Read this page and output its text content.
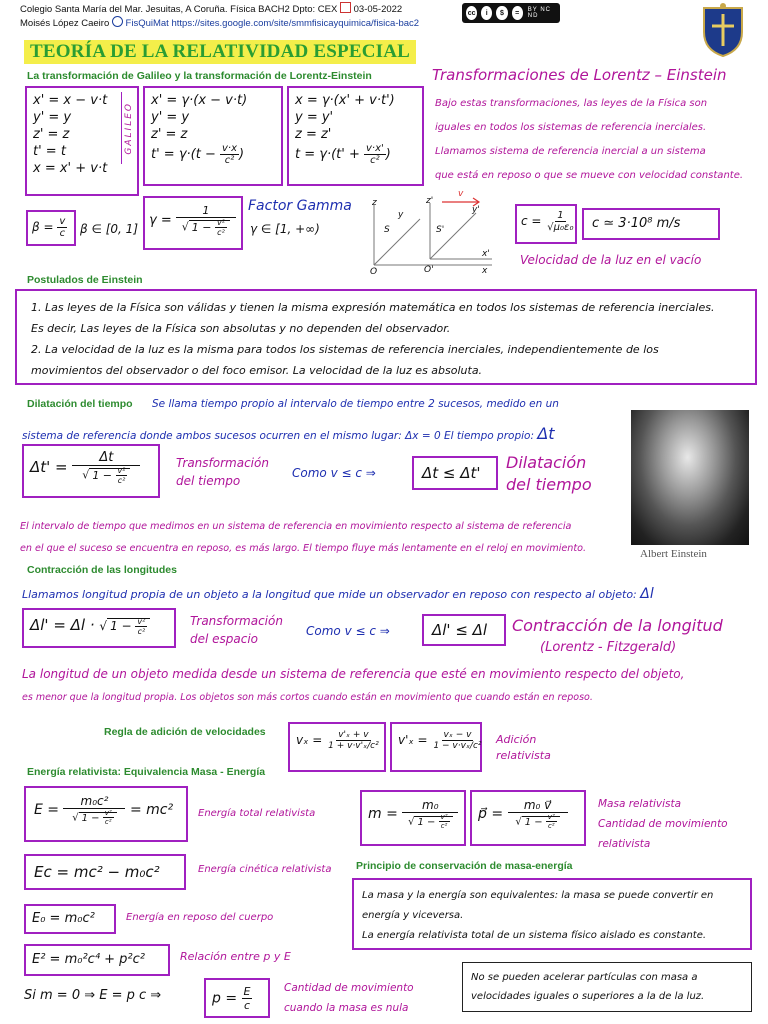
Colegio Santa María del Mar. Jesuitas, A Coruña. Física BACH2 Dpto: CEX 03-05-2022
Moisés López Caeiro FisQuiMat https://sites.google.com/site/smmfisicayquimica/fisica-bac2
cc	i	$	=	BY NC ND
TEORÍA DE LA RELATIVIDAD ESPECIAL
La transformación de Galileo y la transformación de Lorentz-Einstein
x' = x − v·t
y' = y
z' = z
t' = t
x = x' + v·t
GALILEO
x' = γ·(x − v·t)
y' = y
z' = z
$t' = \gamma\cdot(t - \frac{v\cdot x}{\text{c²}}$ )
x = γ·(x' + v·t')
y = y'
z = z'
$t = \gamma\cdot(t' + \frac{v\cdot x'}{\text{c²}}$ )
Transformaciones de Lorentz – Einstein
Bajo estas transformaciones, las leyes de la Física son
iguales en todos los sistemas de referencia inerciales.
Llamamos sistema de referencia inercial a un sistema
que está en reposo o que se mueve con velocidad constante.
$\beta = \frac{v}{c}$ β ∈ [0, 1]
$\gamma = \frac{1}{√ 1 - \frac{\text{v²}}{\text{c²}}}$ Factor Gamma
γ ∈ [1, +∞)
z
y
S
O
z'
y'
S'
O'
x'
x
v
$c = \frac{1}{\text{√μ₀ε₀}}$ c ≃ 3·10⁸ m/s
Velocidad de la luz en el vacío
Postulados de Einstein
1. Las leyes de la Física son válidas y tienen la misma expresión matemática en todos los sistemas de referencia inerciales.
Es decir, Las leyes de la Física son absolutas y no dependen del observador.
2. La velocidad de la luz es la misma para todos los sistemas de referencia inerciales, independientemente de los
movimientos del observador o del foco emisor. La velocidad de la luz es absoluta.
Dilatación del tiempo Se llama tiempo propio al intervalo de tiempo entre 2 sucesos, medido en un
sistema de referencia donde ambos sucesos ocurren en el mismo lugar: Δx = 0 El tiempo propio: Δt
$\Delta t' = \frac{\Delta t}{√ 1 - \frac{\text{v²}}{\text{c²}}}$	Transformación
del tiempo
Como v ≤ c ⇒	Δt ≤ Δt'
Dilatación
del tiempo
El intervalo de tiempo que medimos en un sistema de referencia en movimiento respecto al sistema de referencia
en el que el suceso se encuentra en reposo, es más largo. El tiempo fluye más lentamente en el reloj en movimiento.	Albert Einstein
Contracción de las longitudes
Llamamos longitud propia de un objeto a la longitud que mide un observador en reposo con respecto al objeto: Δl
Δl' = Δl · √ $1 - \frac{\text{v²}}{\text{c²}}$	Transformación
del espacio
Como v ≤ c ⇒	Δl' ≤ Δl Contracción de la longitud
(Lorentz - Fitzgerald)
La longitud de un objeto medida desde un sistema de referencia que esté en movimiento respecto del objeto,
es menor que la longitud propia. Los objetos son más cortos cuando están en movimiento que cuando están en reposo.
Regla de adición de velocidades
$v_x = \frac{\text{v'ₓ + v}}{\text{1 + v·v'ₓ/c²}} v'_x = \frac{\text{vₓ − v}}{\text{1 − v·vₓ/c²}}$ Adición
relativista
Energía relativista: Equivalencia Masa - Energía
$E = \frac{\text{m₀c²}}{√ 1 - \frac{\text{v²}}{\text{c²}}} = mc^2$ Energía total relativista	$m = \frac{\text{m₀}}{√ 1 - \frac{\text{v²}}{\text{c²}}}$ p⃗ = $\frac{\text{m₀ v⃗}}{√ 1 - \frac{\text{v²}}{\text{c²}}}$	Masa relativista
Cantidad de movimiento
relativista
Ec = mc² − m₀c²	Energía cinética relativista Principio de conservación de masa-energía
La masa y la energía son equivalentes: la masa se puede convertir en
energía y viceversa.
La energía relativista total de un sistema físico aislado es constante.
E₀ = m₀c²	Energía en reposo del cuerpo
E² = m₀²c⁴ + p²c²	Relación entre p y E
Si m = 0 ⇒ E = p c ⇒	$p = \frac{E}{c}$	Cantidad de movimiento
cuando la masa es nula
No se pueden acelerar partículas con masa a
velocidades iguales o superiores a la de la luz.
